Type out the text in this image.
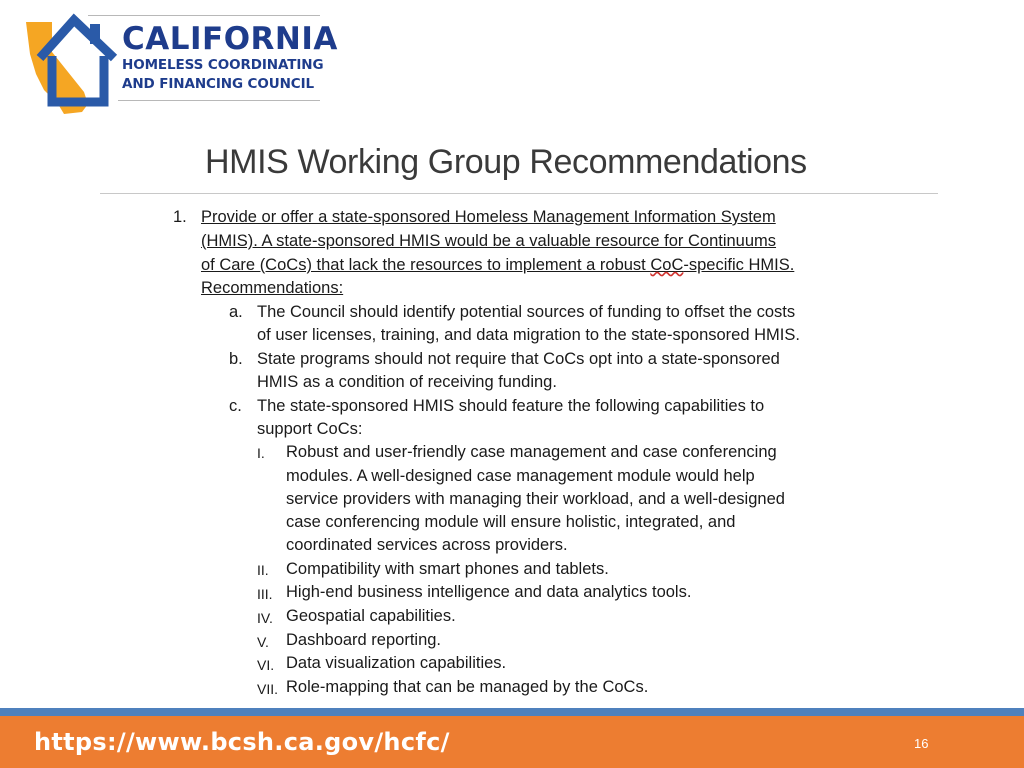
CALIFORNIA
HOMELESS COORDINATING
AND FINANCING COUNCIL
HMIS Working Group Recommendations
1. Provide or offer a state-sponsored Homeless Management Information System
(HMIS). A state-sponsored HMIS would be a valuable resource for Continuums
of Care (CoCs) that lack the resources to implement a robust CoC-specific HMIS.
Recommendations:
a. The Council should identify potential sources of funding to offset the costs
of user licenses, training, and data migration to the state-sponsored HMIS.
b. State programs should not require that CoCs opt into a state-sponsored
HMIS as a condition of receiving funding.
c. The state-sponsored HMIS should feature the following capabilities to
support CoCs:
I. Robust and user-friendly case management and case conferencing
modules. A well-designed case management module would help
service providers with managing their workload, and a well-designed
case conferencing module will ensure holistic, integrated, and
coordinated services across providers.
II. Compatibility with smart phones and tablets.
III. High-end business intelligence and data analytics tools.
IV. Geospatial capabilities.
V. Dashboard reporting.
VI. Data visualization capabilities.
VII. Role-mapping that can be managed by the CoCs.
https://www.bcsh.ca.gov/hcfc/	16
